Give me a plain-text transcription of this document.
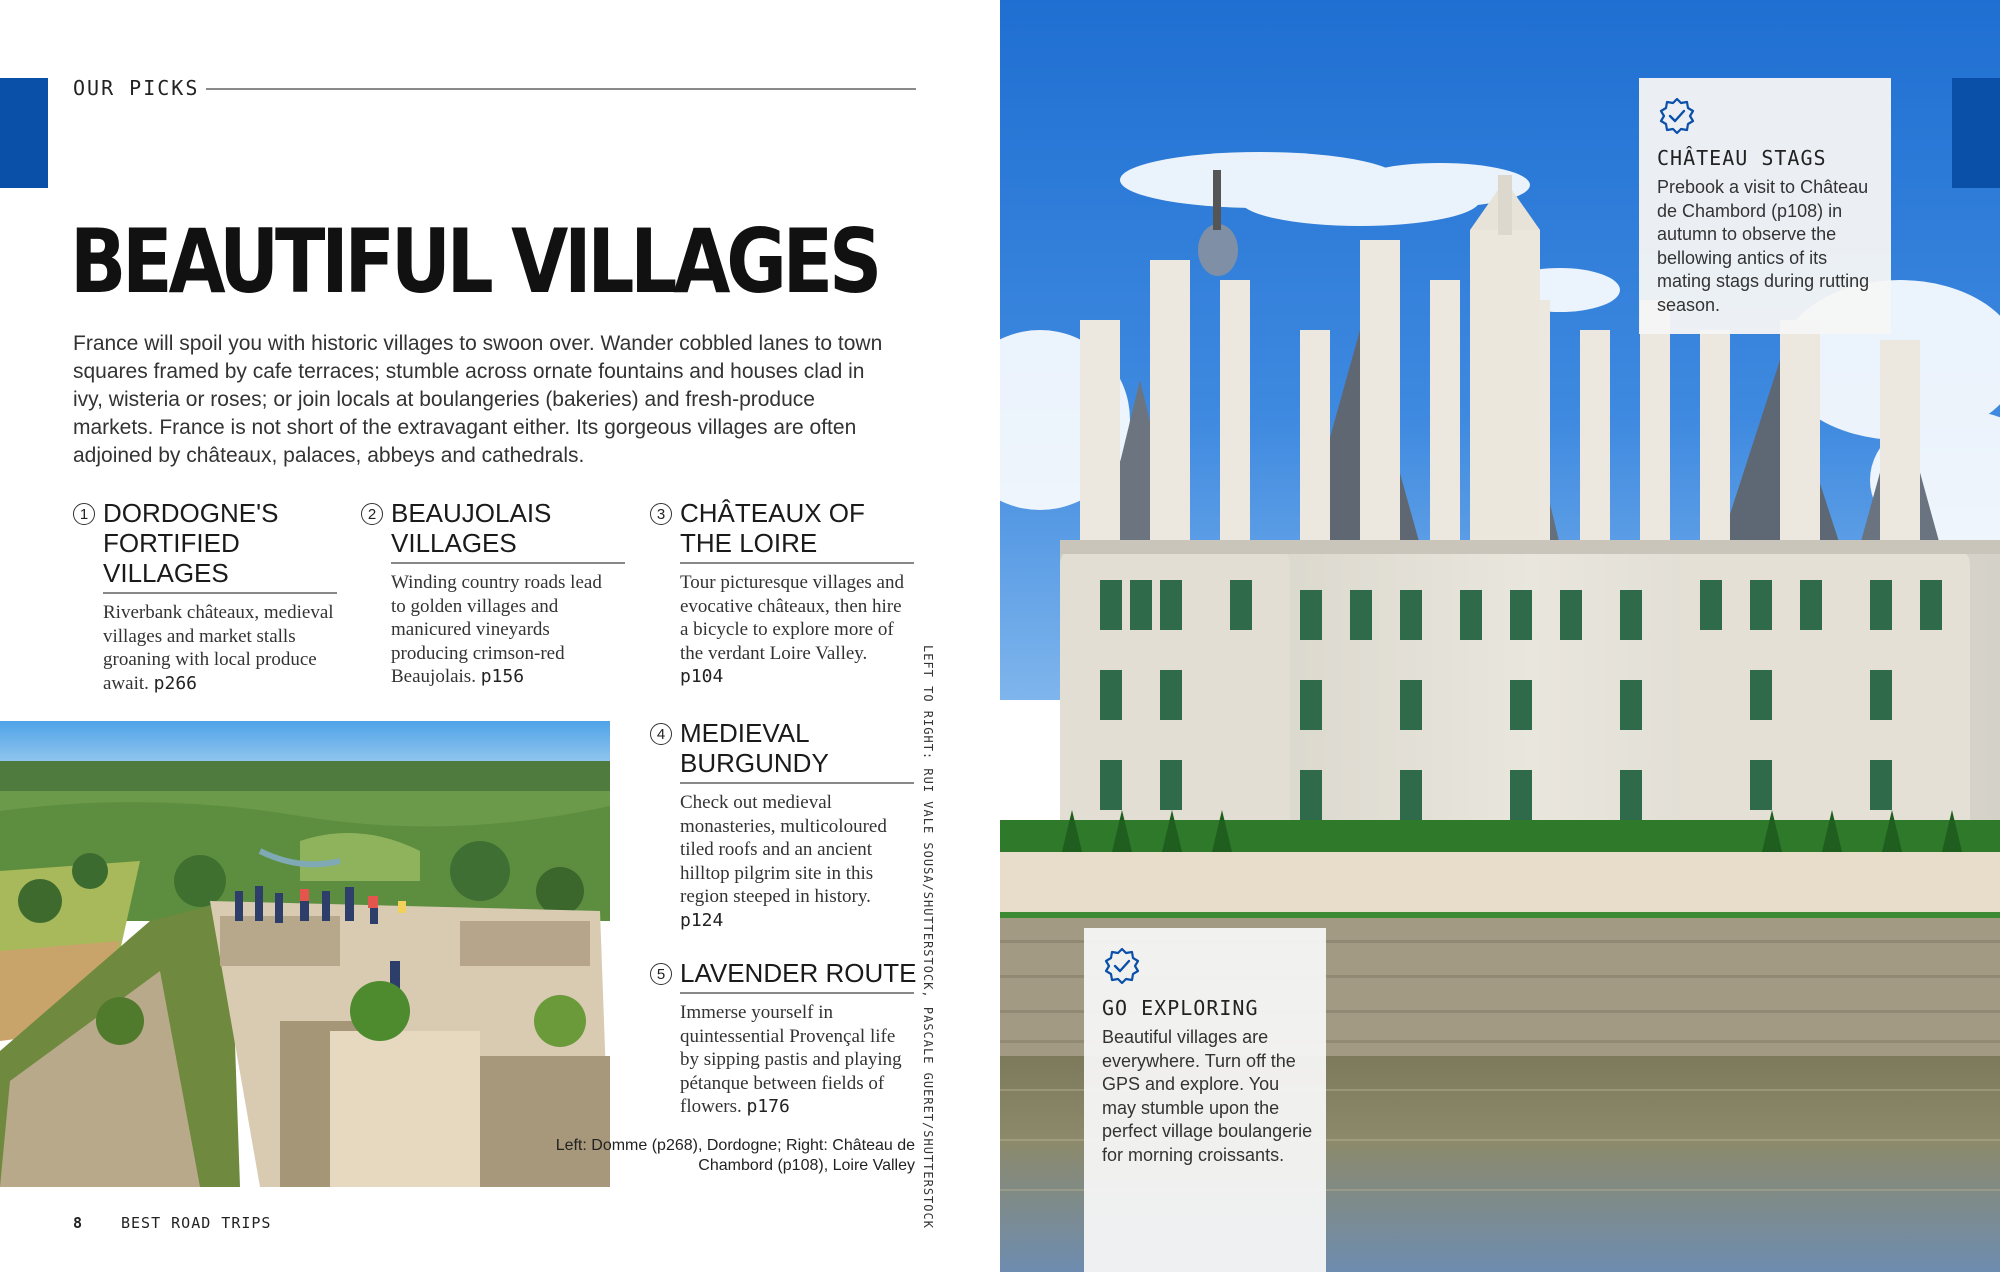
OUR PICKS
BEAUTIFUL VILLAGES

France will spoil you with historic villages to swoon over. Wander cobbled lanes to town squares framed by cafe terraces; stumble across ornate fountains and houses clad in ivy, wisteria or roses; or join locals at boulangeries (bakeries) and fresh-produce markets. France is not short of the extravagant either. Its gorgeous villages are often adjoined by châteaux, palaces, abbeys and cathedrals.

1 DORDOGNE'S FORTIFIED VILLAGES
Riverbank châteaux, medieval villages and market stalls groaning with local produce await. p266
2 BEAUJOLAIS VILLAGES
Winding country roads lead to golden villages and manicured vineyards producing crimson-red Beaujolais. p156
3 CHÂTEAUX OF THE LOIRE
Tour picturesque villages and evocative châteaux, then hire a bicycle to explore more of the verdant Loire Valley. p104
4 MEDIEVAL BURGUNDY
Check out medieval monasteries, multicoloured tiled roofs and an ancient hilltop pilgrim site in this region steeped in history. p124
5 LAVENDER ROUTE
Immerse yourself in quintessential Provençal life by sipping pastis and playing pétanque between fields of flowers. p176
Left: Domme (p268), Dordogne; Right: Château de Chambord (p108), Loire Valley LEFT TO RIGHT: RUI VALE SOUSA/SHUTTERSTOCK, PASCALE GUERET/SHUTTERSTOCK
8	BEST ROAD TRIPS
CHÂTEAU STAGS
Prebook a visit to Château de Chambord (p108) in autumn to observe the bellowing antics of its mating stags during rutting season.
GO EXPLORING
Beautiful villages are everywhere. Turn off the GPS and explore. You may stumble upon the perfect village boulangerie for morning croissants.
